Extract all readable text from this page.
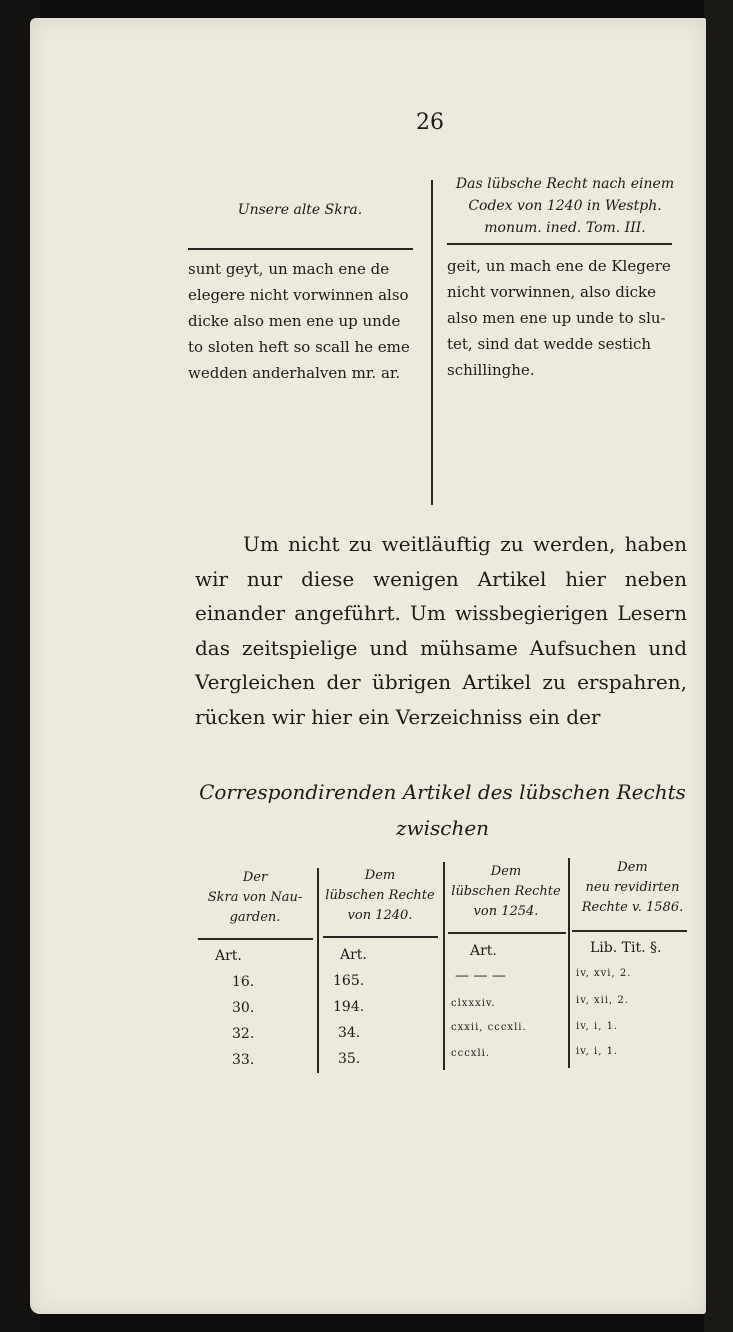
26
Unsere alte Skra.
sunt geyt, un mach ene de
elegere nicht vorwinnen also
dicke also men ene up unde
to sloten heft so scall he eme
wedden anderhalven mr. ar.
Das lübsche Recht nach einem
Codex von 1240 in Westph.
monum. ined. Tom. III.
geit, un mach ene de Klegere
nicht vorwinnen, also dicke
also men ene up unde to slu-
tet, sind dat wedde sestich
schillinghe.
Um nicht zu weitläuftig zu werden, haben wir nur diese wenigen Artikel hier neben einander angeführt. Um wissbegierigen Lesern das zeitspielige und mühsame Aufsuchen und Vergleichen der übrigen Artikel zu erspahren, rücken wir hier ein Verzeichniss ein der
Correspondirenden Artikel des lübschen Rechts
zwischen
Der
Skra von Nau-
garden.
Dem
lübschen Rechte
von 1240.
Dem
lübschen Rechte
von 1254.
Dem
neu revidirten
Rechte v. 1586.
Art.	Art.	Art.	Lib. Tit. §.
16.	165.	— — —	iv, xvi, 2.
30.	194.	clxxxiv.	iv, xii, 2.
32.	34.	cxxii, cccxli.	iv, i, 1.
33.	35.	cccxli.	iv, i, 1.
